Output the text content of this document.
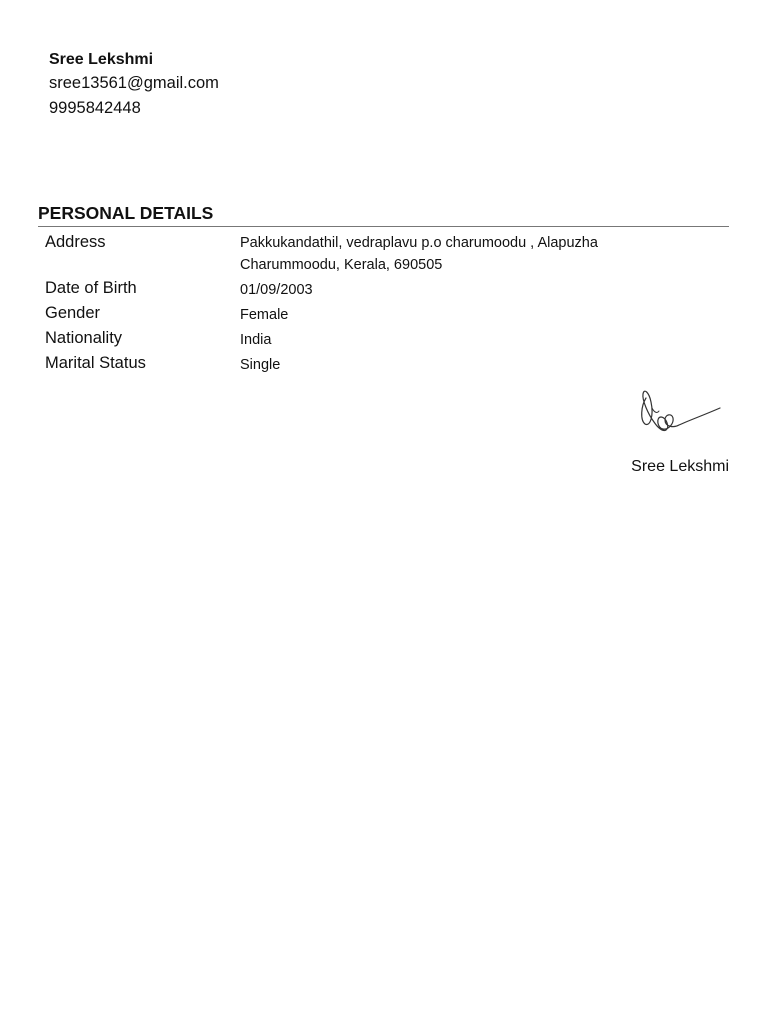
Sree Lekshmi
sree13561@gmail.com
9995842448
PERSONAL DETAILS
Address	Pakkukandathil, vedraplavu p.o charumoodu , Alapuzha
Charummoodu, Kerala, 690505
Date of Birth	01/09/2003
Gender	Female
Nationality	India
Marital Status	Single
Sree Lekshmi
